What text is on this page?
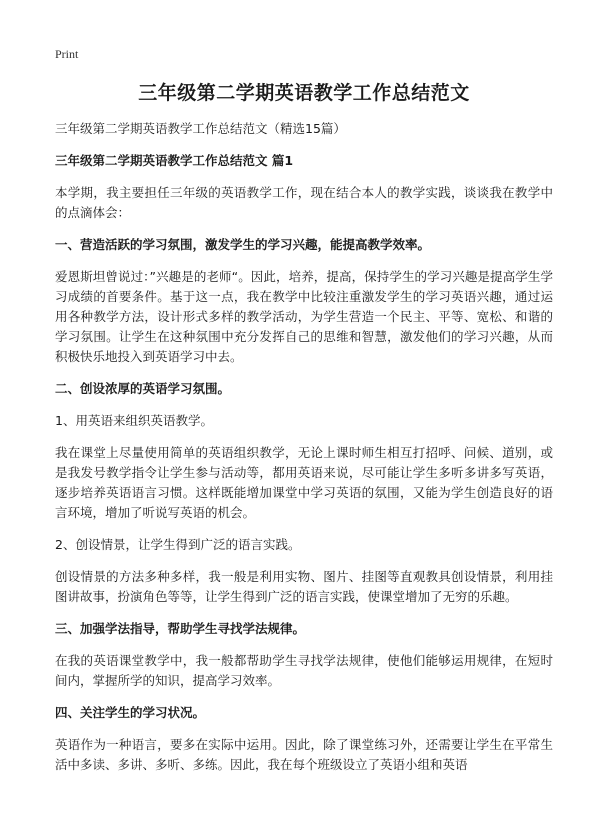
Print
三年级第二学期英语教学工作总结范文
三年级第二学期英语教学工作总结范文（精选15篇）
三年级第二学期英语教学工作总结范文 篇1
本学期，我主要担任三年级的英语教学工作，现在结合本人的教学实践，谈谈我在教学中的点滴体会：
一、营造活跃的学习氛围，激发学生的学习兴趣，能提高教学效率。
爱恩斯坦曾说过：”兴趣是的老师“。因此，培养，提高，保持学生的学习兴趣是提高学生学习成绩的首要条件。基于这一点，我在教学中比较注重激发学生的学习英语兴趣，通过运用各种教学方法，设计形式多样的教学活动，为学生营造一个民主、平等、宽松、和谐的学习氛围。让学生在这种氛围中充分发挥自己的思维和智慧，激发他们的学习兴趣，从而积极快乐地投入到英语学习中去。
二、创设浓厚的英语学习氛围。
1、用英语来组织英语教学。
我在课堂上尽量使用简单的英语组织教学，无论上课时师生相互打招呼、问候、道别，或是我发号教学指令让学生参与活动等，都用英语来说，尽可能让学生多听多讲多写英语，逐步培养英语语言习惯。这样既能增加课堂中学习英语的氛围，又能为学生创造良好的语言环境，增加了听说写英语的机会。
2、创设情景，让学生得到广泛的语言实践。
创设情景的方法多种多样，我一般是利用实物、图片、挂图等直观教具创设情景，利用挂图讲故事，扮演角色等等，让学生得到广泛的语言实践，使课堂增加了无穷的乐趣。
三、加强学法指导，帮助学生寻找学法规律。
在我的英语课堂教学中，我一般都帮助学生寻找学法规律，使他们能够运用规律，在短时间内，掌握所学的知识，提高学习效率。
四、关注学生的学习状况。
英语作为一种语言，要多在实际中运用。因此，除了课堂练习外，还需要让学生在平常生活中多读、多讲、多听、多练。因此，我在每个班级设立了英语小组和英语
